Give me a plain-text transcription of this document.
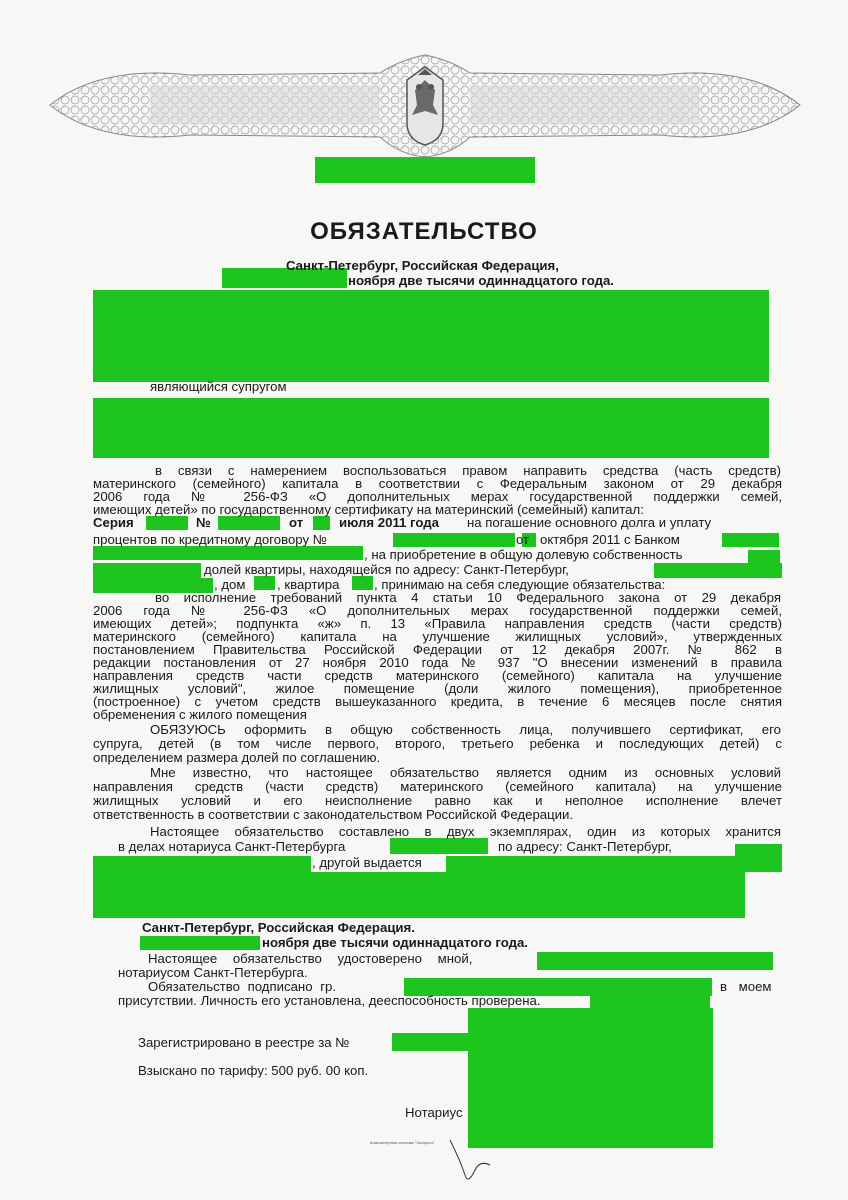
ОБЯЗАТЕЛЬСТВО
Санкт-Петербург, Российская Федерация,
ноября две тысячи одиннадцатого года.
являющийся супругом
в связи с намерением воспользоваться правом направить средства (часть средств)
материнского (семейного) капитала в соответствии с Федеральным законом от 29 декабря
2006 года № 256-ФЗ «О дополнительных мерах государственной поддержки семей,
имеющих детей» по государственному сертификату на материнский (семейный) капитал:
Серия	№	от	июля 2011 года на погашение основного долга и уплату
процентов по кредитному договору №	от октября 2011 с Банком
, на приобретение в общую долевую собственность
долей квартиры, находящейся по адресу: Санкт-Петербург,
, дом , квартира	, принимаю на себя следующие обязательства:
во исполнение требований пункта 4 статьи 10 Федерального закона от 29 декабря
2006 года № 256-ФЗ «О дополнительных мерах государственной поддержки семей,
имеющих детей»; подпункта «ж» п. 13 «Правила направления средств (части средств)
материнского (семейного) капитала на улучшение жилищных условий», утвержденных
постановлением Правительства Российской Федерации от 12 декабря 2007г. № 862 в
редакции постановления от 27 ноября 2010 года № 937 "О внесении изменений в правила
направления средств части средств материнского (семейного) капитала на улучшение
жилищных условий", жилое помещение (доли жилого помещения), приобретенное
(построенное) с учетом средств вышеуказанного кредита, в течение 6 месяцев после снятия
обременения с жилого помещения
ОБЯЗУЮСЬ оформить в общую собственность лица, получившего сертификат, его
супруга, детей (в том числе первого, второго, третьего ребенка и последующих детей) с
определением размера долей по соглашению.
Мне известно, что настоящее обязательство является одним из основных условий
направления средств (части средств) материнского (семейного капитала) на улучшение
жилищных условий и его неисполнение равно как и неполное исполнение влечет
ответственность в соответствии с законодательством Российской Федерации.
Настоящее обязательство составлено в двух экземплярах, один из которых хранится
в делах нотариуса Санкт-Петербурга	по адресу: Санкт-Петербург,
, другой выдается
Санкт-Петербург, Российская Федерация.
ноября две тысячи одиннадцатого года.
Настоящее обязательство удостоверено мной,
нотариусом Санкт-Петербурга.
Обязательство подписано гр.	в моем
присутствии. Личность его установлена, дееспособность проверена.
Зарегистрировано в реестре за №
Взыскано по тарифу: 500 руб. 00 коп.
Нотариус
Компьютерная система "Экспресс"
